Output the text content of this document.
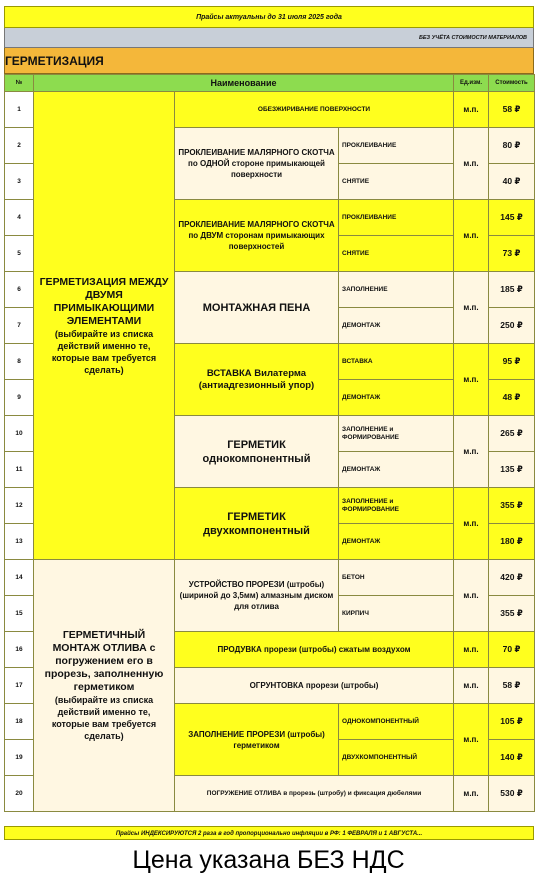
Прайсы актуальны до 31 июля 2025 года
БЕЗ УЧЁТА СТОИМОСТИ МАТЕРИАЛОВ
ГЕРМЕТИЗАЦИЯ
№	Наименование			Ед.изм.	Стоимость
1	ГЕРМЕТИЗАЦИЯ МЕЖДУ ДВУМЯ ПРИМЫКАЮЩИМИ ЭЛЕМЕНТАМИ
(выбирайте из списка действий именно те, которые вам требуется сделать)	ОБЕЗЖИРИВАНИЕ ПОВЕРХНОСТИ		м.п.	58 ₽
2		ПРОКЛЕИВАНИЕ МАЛЯРНОГО СКОТЧА по ОДНОЙ стороне примыкающей поверхности	ПРОКЛЕИВАНИЕ	м.п.	80 ₽
3			СНЯТИЕ		40 ₽
4		ПРОКЛЕИВАНИЕ МАЛЯРНОГО СКОТЧА по ДВУМ сторонам примыкающих поверхностей	ПРОКЛЕИВАНИЕ	м.п.	145 ₽
5			СНЯТИЕ		73 ₽
6		МОНТАЖНАЯ ПЕНА	ЗАПОЛНЕНИЕ	м.п.	185 ₽
7			ДЕМОНТАЖ		250 ₽
8		ВСТАВКА Вилатерма (антиадгезионный упор)	ВСТАВКА	м.п.	95 ₽
9			ДЕМОНТАЖ		48 ₽
10		ГЕРМЕТИК однокомпонентный	ЗАПОЛНЕНИЕ и ФОРМИРОВАНИЕ	м.п.	265 ₽
11			ДЕМОНТАЖ		135 ₽
12		ГЕРМЕТИК двухкомпонентный	ЗАПОЛНЕНИЕ и ФОРМИРОВАНИЕ	м.п.	355 ₽
13			ДЕМОНТАЖ		180 ₽
14	ГЕРМЕТИЧНЫЙ МОНТАЖ ОТЛИВА с погружением его в прорезь, заполненную герметиком
(выбирайте из списка действий именно те, которые вам требуется сделать)	УСТРОЙСТВО ПРОРЕЗИ (штробы) (шириной до 3,5мм) алмазным диском для отлива	БЕТОН	м.п.	420 ₽
15			КИРПИЧ		355 ₽
16		ПРОДУВКА прорези (штробы) сжатым воздухом		м.п.	70 ₽
17		ОГРУНТОВКА прорези (штробы)		м.п.	58 ₽
18		ЗАПОЛНЕНИЕ ПРОРЕЗИ (штробы) герметиком	ОДНОКОМПОНЕНТНЫЙ	м.п.	105 ₽
19			ДВУХКОМПОНЕНТНЫЙ		140 ₽
20		ПОГРУЖЕНИЕ ОТЛИВА в прорезь (штробу) и фиксация дюбелями		м.п.	530 ₽
Прайсы ИНДЕКСИРУЮТСЯ 2 раза в год пропорционально инфляции в РФ: 1 ФЕВРАЛЯ и 1 АВГУСТА...
Цена указана БЕЗ НДС
